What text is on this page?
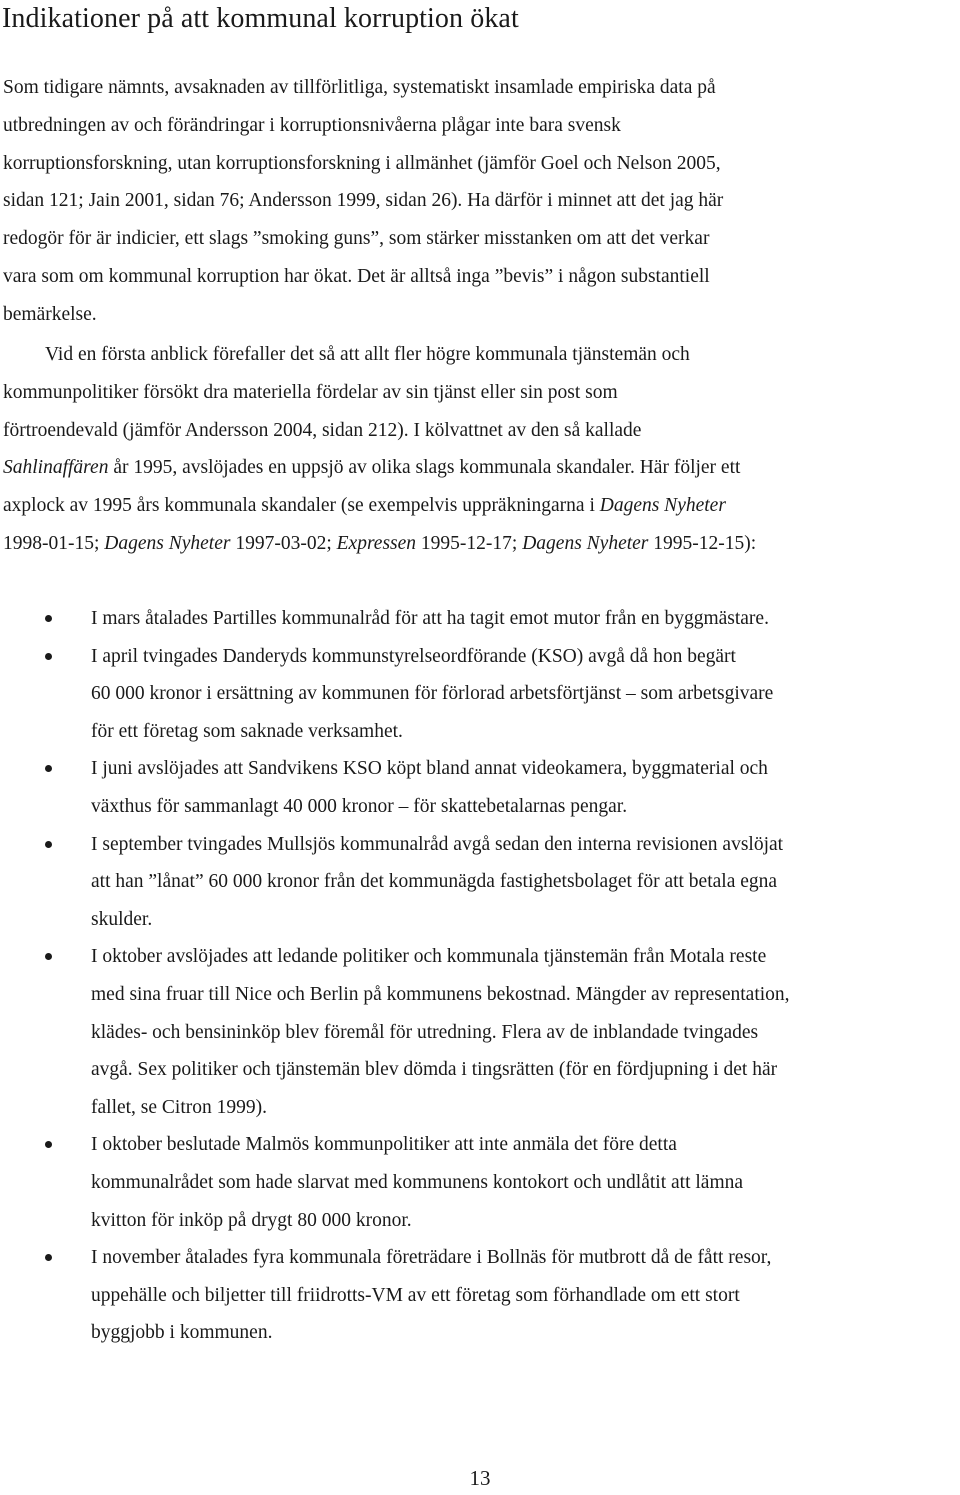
Indikationer på att kommunal korruption ökat

Som tidigare nämnts, avsaknaden av tillförlitliga, systematiskt insamlade empiriska data på
utbredningen av och förändringar i korruptionsnivåerna plågar inte bara svensk
korruptionsforskning, utan korruptionsforskning i allmänhet (jämför Goel och Nelson 2005,
sidan 121; Jain 2001, sidan 76; Andersson 1999, sidan 26). Ha därför i minnet att det jag här
redogör för är indicier, ett slags ”smoking guns”, som stärker misstanken om att det verkar
vara som om kommunal korruption har ökat. Det är alltså inga ”bevis” i någon substantiell
bemärkelse.

Vid en första anblick förefaller det så att allt fler högre kommunala tjänstemän och
kommunpolitiker försökt dra materiella fördelar av sin tjänst eller sin post som
förtroendevald (jämför Andersson 2004, sidan 212). I kölvattnet av den så kallade
Sahlinaffären år 1995, avslöjades en uppsjö av olika slags kommunala skandaler. Här följer ett
axplock av 1995 års kommunala skandaler (se exempelvis uppräkningarna i Dagens Nyheter
1998-01-15; Dagens Nyheter 1997-03-02; Expressen 1995-12-17; Dagens Nyheter 1995-12-15):

I mars åtalades Partilles kommunalråd för att ha tagit emot mutor från en byggmästare.
I april tvingades Danderyds kommunstyrelseordförande (KSO) avgå då hon begärt
60 000 kronor i ersättning av kommunen för förlorad arbetsförtjänst – som arbetsgivare
för ett företag som saknade verksamhet.
I juni avslöjades att Sandvikens KSO köpt bland annat videokamera, byggmaterial och
växthus för sammanlagt 40 000 kronor – för skattebetalarnas pengar.
I september tvingades Mullsjös kommunalråd avgå sedan den interna revisionen avslöjat
att han ”lånat” 60 000 kronor från det kommunägda fastighetsbolaget för att betala egna
skulder.
I oktober avslöjades att ledande politiker och kommunala tjänstemän från Motala reste
med sina fruar till Nice och Berlin på kommunens bekostnad. Mängder av representation,
klädes- och bensininköp blev föremål för utredning. Flera av de inblandade tvingades
avgå. Sex politiker och tjänstemän blev dömda i tingsrätten (för en fördjupning i det här
fallet, se Citron 1999).
I oktober beslutade Malmös kommunpolitiker att inte anmäla det före detta
kommunalrådet som hade slarvat med kommunens kontokort och undlåtit att lämna
kvitton för inköp på drygt 80 000 kronor.
I november åtalades fyra kommunala företrädare i Bollnäs för mutbrott då de fått resor,
uppehälle och biljetter till friidrotts-VM av ett företag som förhandlade om ett stort
byggjobb i kommunen.
13
